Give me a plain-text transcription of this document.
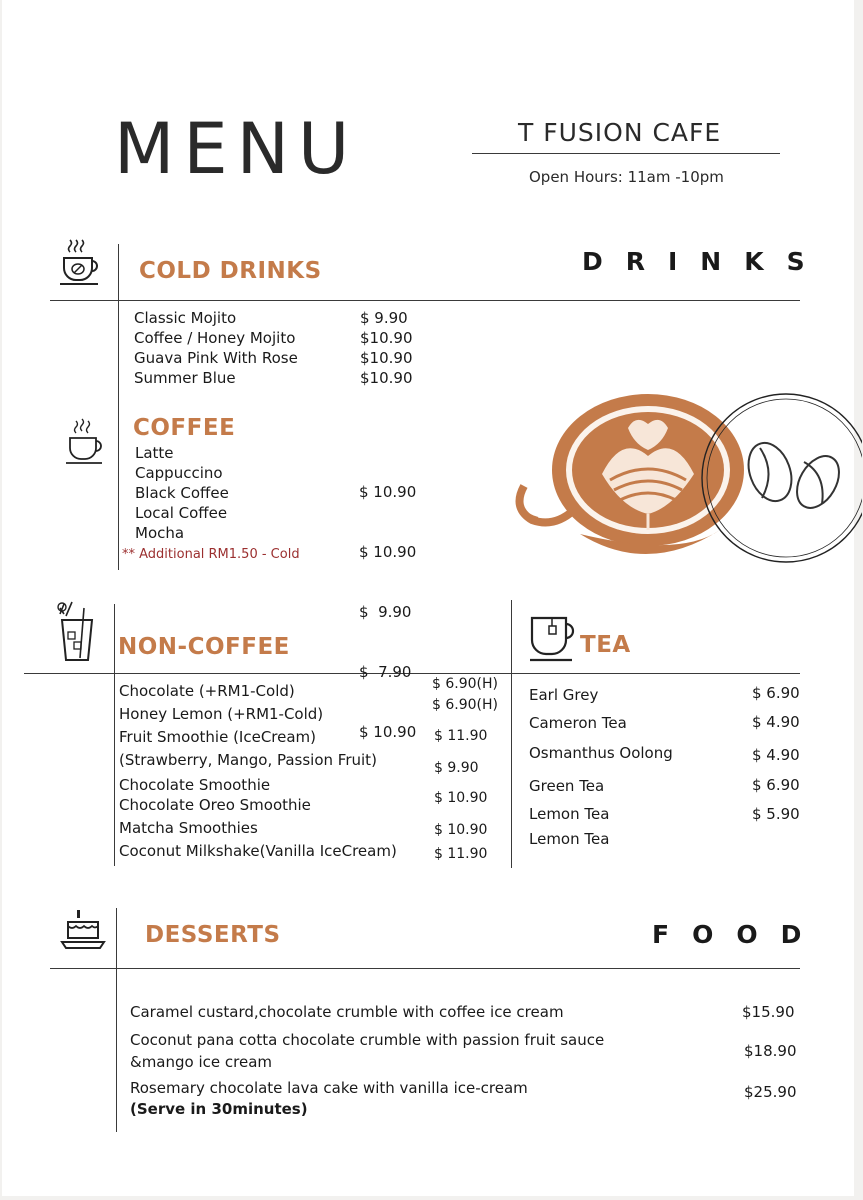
MENU	T FUSION CAFE
Open Hours: 11am -10pm
DRINKS
COLD DRINKS
Classic Mojito
Coffee / Honey Mojito
Guava Pink With Rose
Summer Blue
$ 9.90
$10.90
$10.90
$10.90
COFFEE
Latte
Cappuccino
Black Coffee
Local Coffee
Mocha

$ 10.90

$ 10.90

$  9.90

$  7.90

$ 10.90

** Additional RM1.50 - Cold
NON-COFFEE
Chocolate (+RM1-Cold)
Honey Lemon (+RM1-Cold)
Fruit Smoothie (IceCream)
(Strawberry, Mango, Passion Fruit)
Chocolate Smoothie
Chocolate Oreo Smoothie
Matcha Smoothies
Coconut Milkshake(Vanilla IceCream)
$ 6.90(H)
$ 6.90(H)
$ 11.90
$ 9.90
$ 10.90
$ 10.90
$ 11.90
TEA
Earl Grey
Cameron Tea
Osmanthus Oolong
Green Tea
Lemon Tea
Lemon Tea
$ 6.90
$ 4.90
$ 4.90
$ 6.90
$ 5.90
FOOD
DESSERTS
Caramel custard,chocolate crumble with coffee ice cream	$15.90
Coconut pana cotta chocolate crumble with passion fruit sauce
&mango ice cream
$18.90
Rosemary chocolate lava cake with vanilla ice-cream
(Serve in 30minutes)
$25.90
